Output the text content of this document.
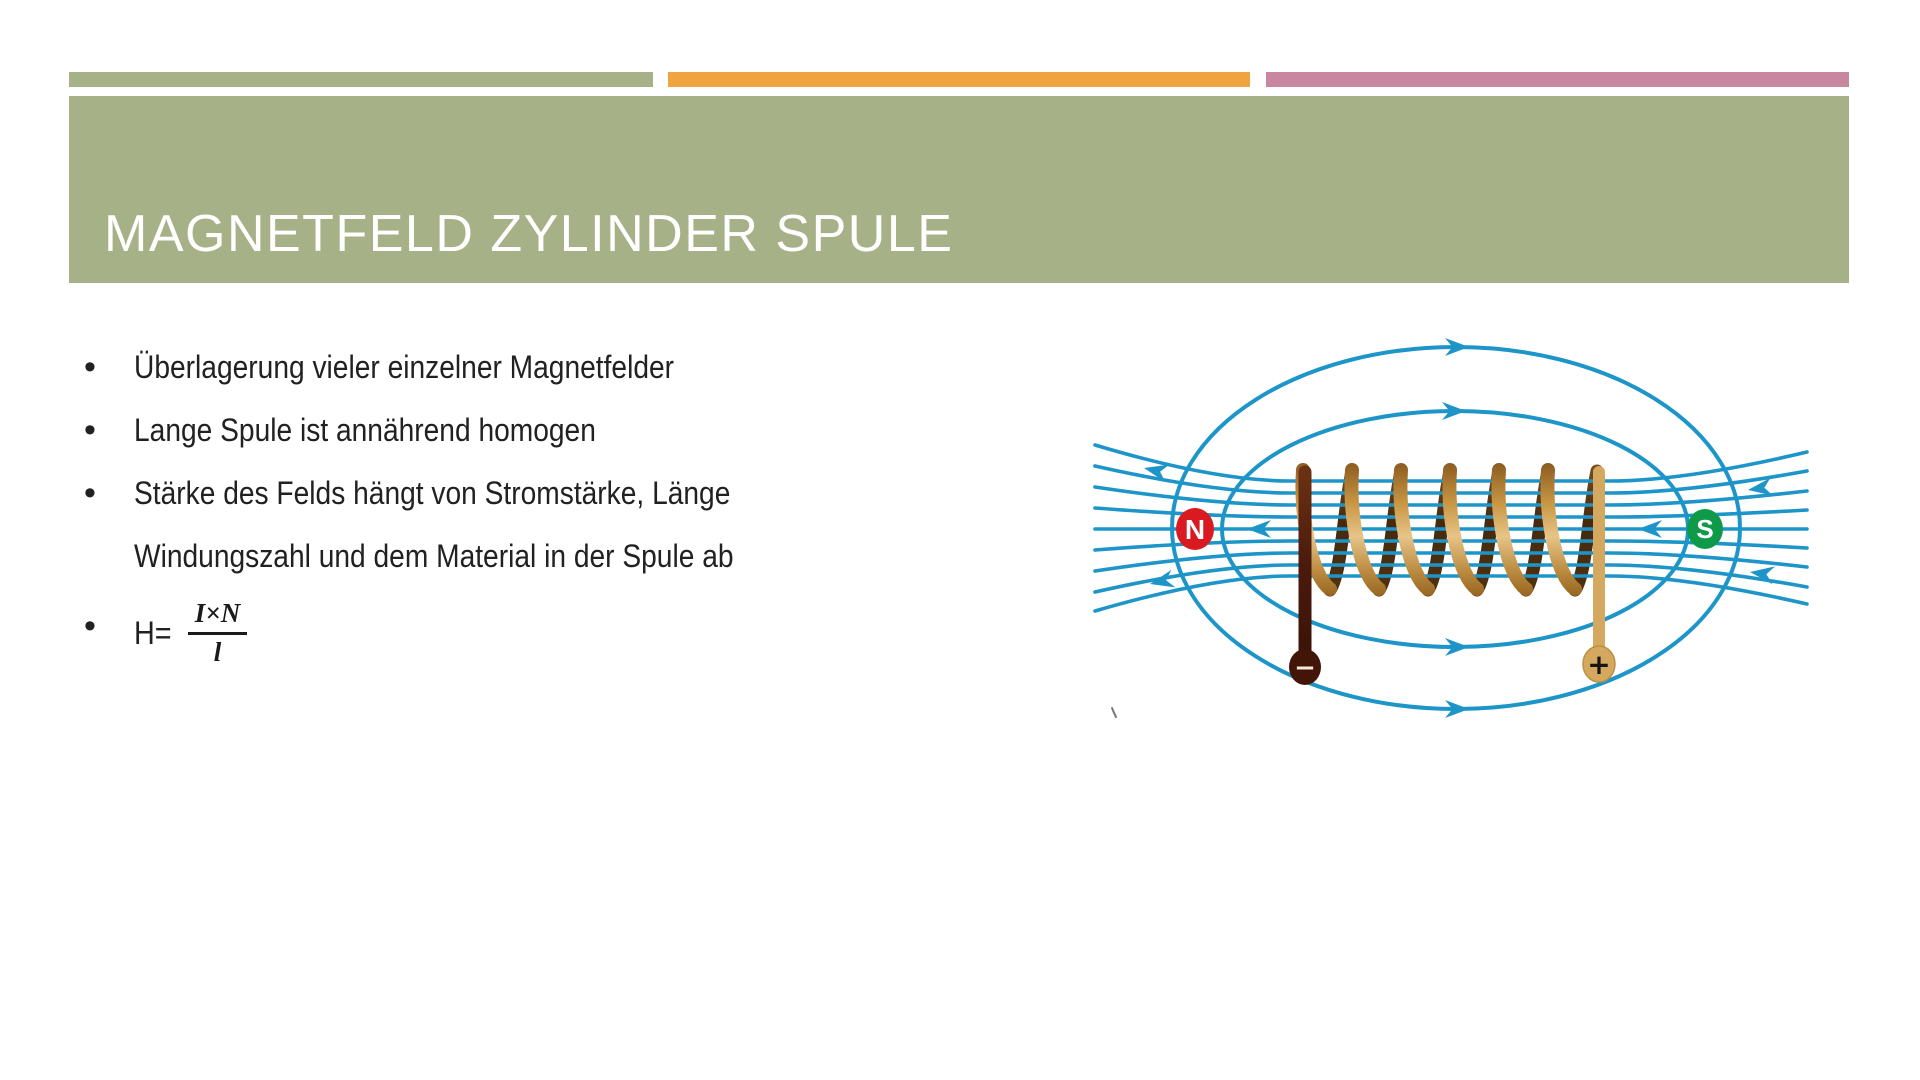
MAGNETFELD ZYLINDER SPULE
• Überlagerung vieler einzelner Magnetfelder
• Lange Spule ist annährend homogen
• Stärke des Felds hängt von Stromstärke, Länge
Windungszahl und dem Material in der Spule ab
• $H= \frac{I\times N}{l}$	−	+
N	S
